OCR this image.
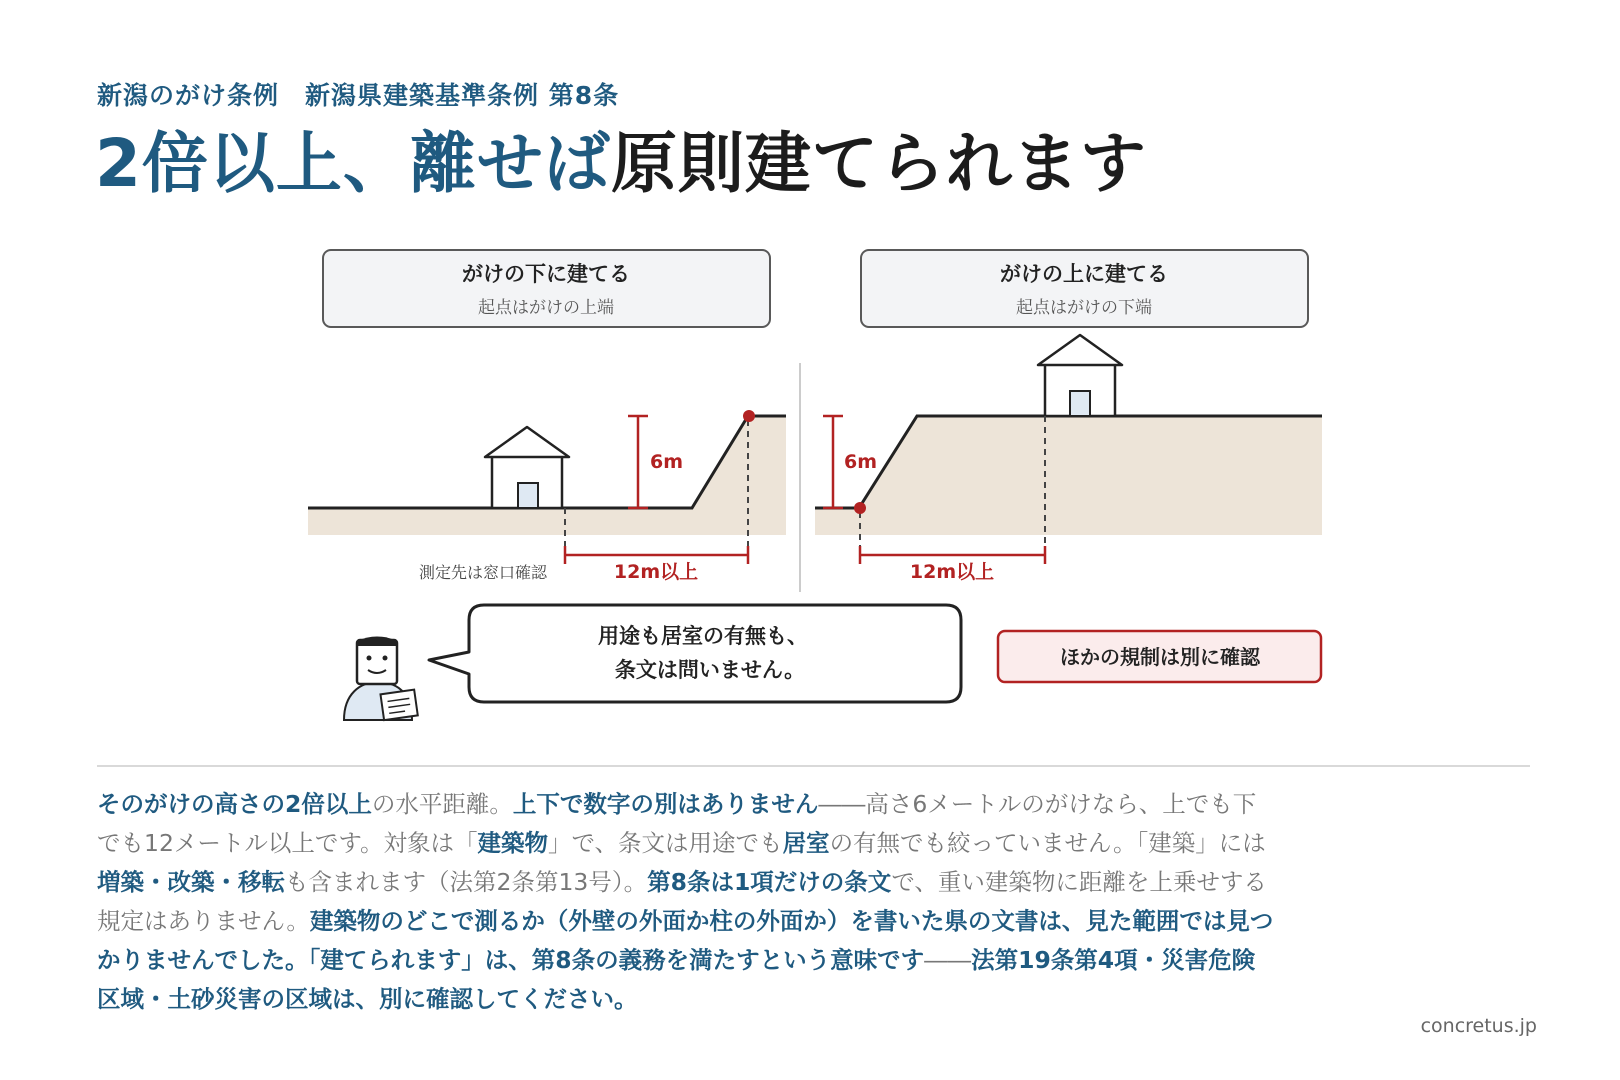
新潟のがけ条例　新潟県建築基準条例 第8条
2倍以上、離せば原則建てられます
がけの下に建てる
起点はがけの上端
がけの上に建てる
起点はがけの下端
6m
12m以上
測定先は窓口確認
6m
12m以上
用途も居室の有無も、
条文は問いません。
ほかの規制は別に確認
そのがけの高さの2倍以上の水平距離。上下で数字の別はありません――高さ6メートルのがけなら、上でも下でも12メートル以上です。対象は「建築物」で、条文は用途でも居室の有無でも絞っていません。「建築」には増築・改築・移転も含まれます（法第2条第13号）。第8条は1項だけの条文で、重い建築物に距離を上乗せする規定はありません。建築物のどこで測るか（外壁の外面か柱の外面か）を書いた県の文書は、見た範囲では見つかりませんでした。「建てられます」は、第8条の義務を満たすという意味です――法第19条第4項・災害危険区域・土砂災害の区域は、別に確認してください。
concretus.jp
